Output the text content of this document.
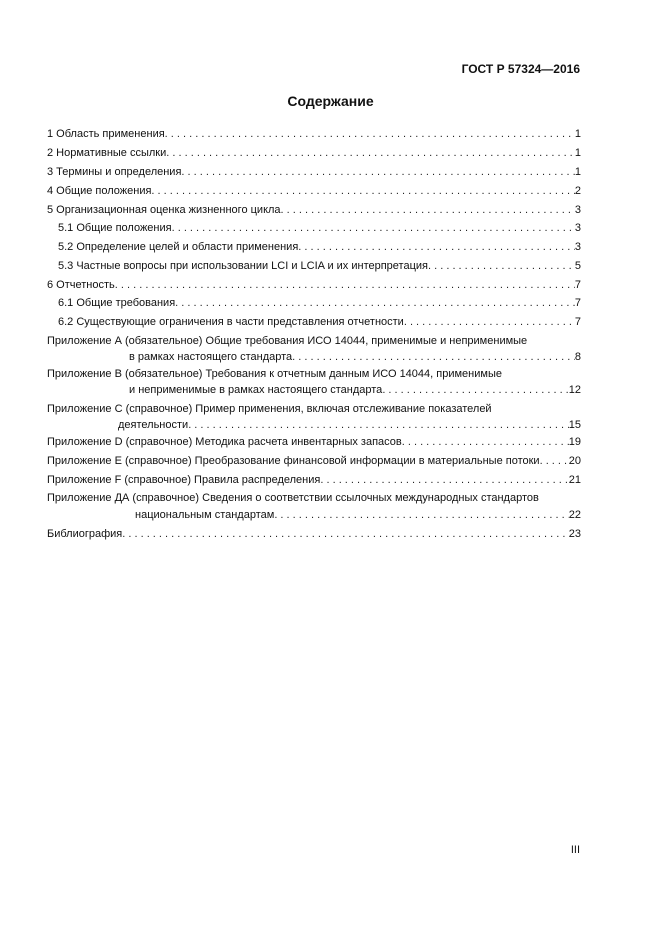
ГОСТ Р 57324—2016
Содержание
1 Область применения . . .	1
2 Нормативные ссылки . . .	1
3 Термины и определения . . .	1
4 Общие положения . . .	2
5 Организационная оценка жизненного цикла . . .	3
5.1 Общие положения . . .	3
5.2 Определение целей и области применения . . .	3
5.3 Частные вопросы при использовании LCI и LCIA и их интерпретация . . .	5
6 Отчетность . . .	7
6.1 Общие требования . . .	7
6.2 Существующие ограничения в части представления отчетности . . .	7
Приложение А (обязательное) Общие требования ИСО 14044, применимые и неприменимые
в рамках настоящего стандарта . . .	8
Приложение В (обязательное) Требования к отчетным данным ИСО 14044, применимые
и неприменимые в рамках настоящего стандарта . . .	12
Приложение С (справочное) Пример применения, включая отслеживание показателей
деятельности . . .	15
Приложение D (справочное) Методика расчета инвентарных запасов . . .	19
Приложение Е (справочное) Преобразование финансовой информации в материальные потоки . . .	20
Приложение F (справочное) Правила распределения . . .	21
Приложение ДА (справочное) Сведения о соответствии ссылочных международных стандартов
национальным стандартам . . .	22
Библиография . . .	23
III
